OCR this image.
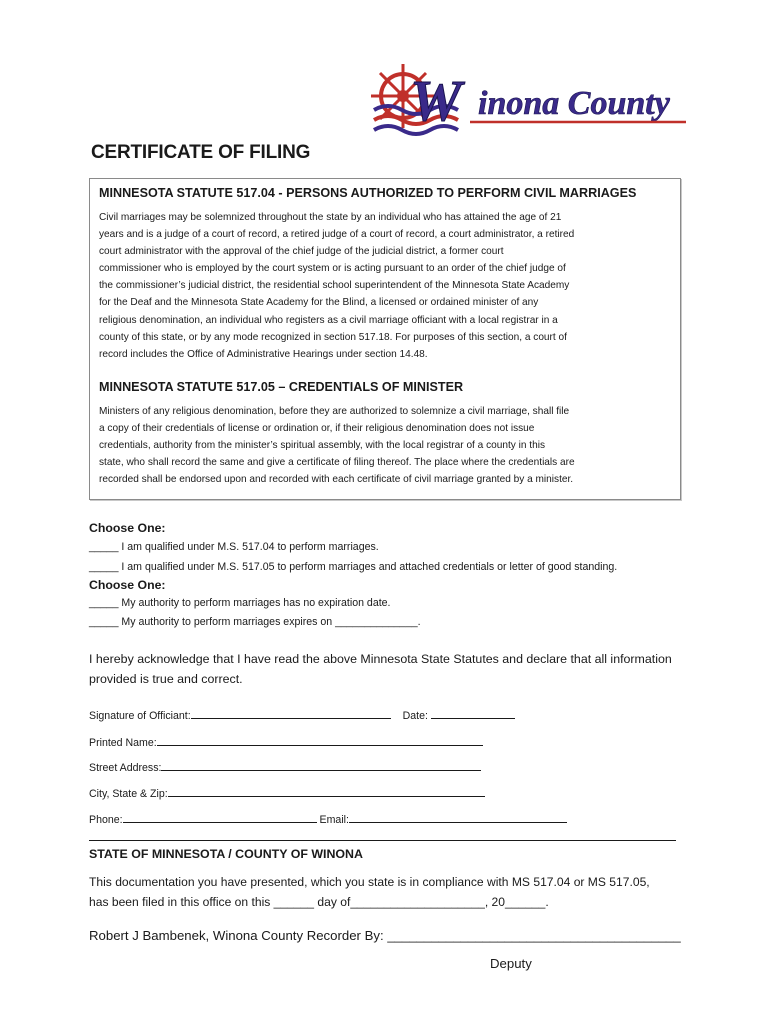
W inona County
CERTIFICATE OF FILING
MINNESOTA STATUTE 517.04 - PERSONS AUTHORIZED TO PERFORM CIVIL MARRIAGES
Civil marriages may be solemnized throughout the state by an individual who has attained the age of 21
years and is a judge of a court of record, a retired judge of a court of record, a court administrator, a retired
court administrator with the approval of the chief judge of the judicial district, a former court
commissioner who is employed by the court system or is acting pursuant to an order of the chief judge of
the commissioner’s judicial district, the residential school superintendent of the Minnesota State Academy
for the Deaf and the Minnesota State Academy for the Blind, a licensed or ordained minister of any
religious denomination, an individual who registers as a civil marriage officiant with a local registrar in a
county of this state, or by any mode recognized in section 517.18. For purposes of this section, a court of
record includes the Office of Administrative Hearings under section 14.48.
MINNESOTA STATUTE 517.05 – CREDENTIALS OF MINISTER
Ministers of any religious denomination, before they are authorized to solemnize a civil marriage, shall file
a copy of their credentials of license or ordination or, if their religious denomination does not issue
credentials, authority from the minister’s spiritual assembly, with the local registrar of a county in this
state, who shall record the same and give a certificate of filing thereof. The place where the credentials are
recorded shall be endorsed upon and recorded with each certificate of civil marriage granted by a minister.
Choose One:
_____ I am qualified under M.S. 517.04 to perform marriages.
_____ I am qualified under M.S. 517.05 to perform marriages and attached credentials or letter of good standing.
Choose One:
_____ My authority to perform marriages has no expiration date.
_____ My authority to perform marriages expires on ______________.
I hereby acknowledge that I have read the above Minnesota State Statutes and declare that all information provided is true and correct.
Signature of Officiant:	Date:
Printed Name:
Street Address:
City, State & Zip:
Phone:	Email:
STATE OF MINNESOTA / COUNTY OF WINONA
This documentation you have presented, which you state is in compliance with MS 517.04 or MS 517.05,
has been filed in this office on this ______ day of____________________, 20______.
Robert J Bambenek, Winona County Recorder By: ________________________________________
Deputy
